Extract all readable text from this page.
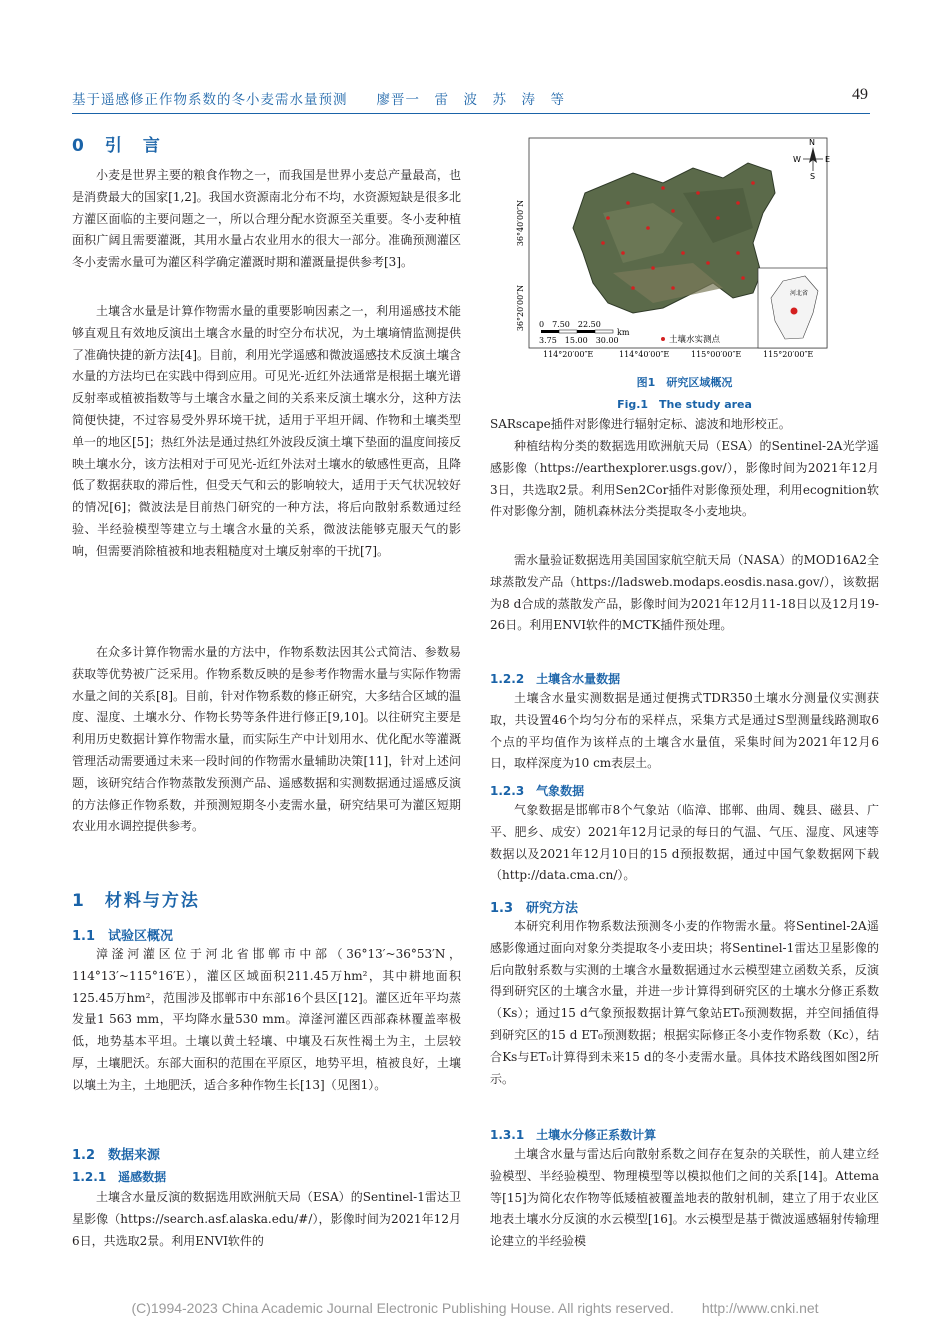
基于遥感修正作物系数的冬小麦需水量预测　　廖晋一　雷　波　苏　涛　等	49
0　引　言

小麦是世界主要的粮食作物之一，而我国是世界小麦总产量最高，也是消费最大的国家[1,2]。我国水资源南北分布不均，水资源短缺是很多北方灌区面临的主要问题之一，所以合理分配水资源至关重要。冬小麦种植面积广阔且需要灌溉，其用水量占农业用水的很大一部分。准确预测灌区冬小麦需水量可为灌区科学确定灌溉时期和灌溉量提供参考[3]。

土壤含水量是计算作物需水量的重要影响因素之一，利用遥感技术能够直观且有效地反演出土壤含水量的时空分布状况，为土壤墒情监测提供了准确快捷的新方法[4]。目前，利用光学遥感和微波遥感技术反演土壤含水量的方法均已在实践中得到应用。可见光-近红外法通常是根据土壤光谱反射率或植被指数等与土壤含水量之间的关系来反演土壤水分，这种方法简便快捷，不过容易受外界环境干扰，适用于平坦开阔、作物和土壤类型单一的地区[5]；热红外法是通过热红外波段反演土壤下垫面的温度间接反映土壤水分，该方法相对于可见光-近红外法对土壤水的敏感性更高，且降低了数据获取的滞后性，但受天气和云的影响较大，适用于天气状况较好的情况[6]；微波法是目前热门研究的一种方法，将后向散射系数通过经验、半经验模型等建立与土壤含水量的关系，微波法能够克服天气的影响，但需要消除植被和地表粗糙度对土壤反射率的干扰[7]。

在众多计算作物需水量的方法中，作物系数法因其公式简洁、参数易获取等优势被广泛采用。作物系数反映的是参考作物需水量与实际作物需水量之间的关系[8]。目前，针对作物系数的修正研究，大多结合区域的温度、湿度、土壤水分、作物长势等条件进行修正[9,10]。以往研究主要是利用历史数据计算作物需水量，而实际生产中计划用水、优化配水等灌溉管理活动需要通过未来一段时间的作物需水量辅助决策[11]，针对上述问题，该研究结合作物蒸散发预测产品、遥感数据和实测数据通过遥感反演的方法修正作物系数，并预测短期冬小麦需水量，研究结果可为灌区短期农业用水调控提供参考。

1　材料与方法
1.1　试验区概况

漳滏河灌区位于河北省邯郸市中部（36°13′~36°53′N，114°13′~115°16′E），灌区区域面积211.45万hm²，其中耕地面积125.45万hm²，范围涉及邯郸市中东部16个县区[12]。灌区近年平均蒸发量1 563 mm，平均降水量530 mm。漳滏河灌区西部森林覆盖率极低，地势基本平坦。土壤以黄土轻壤、中壤及石灰性褐土为主，土层较厚，土壤肥沃。东部大面积的范围在平原区，地势平坦，植被良好，土壤以壤土为主，土地肥沃，适合多种作物生长[13]（见图1）。

1.2　数据来源
1.2.1　遥感数据

土壤含水量反演的数据选用欧洲航天局（ESA）的Sentinel-1雷达卫星影像（https://search.asf.alaska.edu/#/），影像时间为2021年12月6日，共选取2景。利用ENVI软件的

N
W	E
S
河北省
0　7.50　22.50
3.75　15.00　30.00
km
土壤水实测点
36°40′00″N
36°20′00″N
114°20′00″E	114°40′00″E	115°00′00″E	115°20′00″E
图1　研究区域概况
Fig.1　The study area

SARscape插件对影像进行辐射定标、滤波和地形校正。

种植结构分类的数据选用欧洲航天局（ESA）的Sentinel-2A光学遥感影像（https://earthexplorer.usgs.gov/），影像时间为2021年12月3日，共选取2景。利用Sen2Cor插件对影像预处理，利用ecognition软件对影像分割，随机森林法分类提取冬小麦地块。

需水量验证数据选用美国国家航空航天局（NASA）的MOD16A2全球蒸散发产品（https://ladsweb.modaps.eosdis.nasa.gov/），该数据为8 d合成的蒸散发产品，影像时间为2021年12月11-18日以及12月19-26日。利用ENVI软件的MCTK插件预处理。

1.2.2　土壤含水量数据

土壤含水量实测数据是通过便携式TDR350土壤水分测量仪实测获取，共设置46个均匀分布的采样点，采集方式是通过S型测量线路测取6个点的平均值作为该样点的土壤含水量值，采集时间为2021年12月6日，取样深度为10 cm表层土。

1.2.3　气象数据

气象数据是邯郸市8个气象站（临漳、邯郸、曲周、魏县、磁县、广平、肥乡、成安）2021年12月记录的每日的气温、气压、湿度、风速等数据以及2021年12月10日的15 d预报数据，通过中国气象数据网下载（http://data.cma.cn/）。

1.3　研究方法

本研究利用作物系数法预测冬小麦的作物需水量。将Sentinel-2A遥感影像通过面向对象分类提取冬小麦田块；将Sentinel-1雷达卫星影像的后向散射系数与实测的土壤含水量数据通过水云模型建立函数关系，反演得到研究区的土壤含水量，并进一步计算得到研究区的土壤水分修正系数（Ks）；通过15 d气象预报数据计算气象站ET₀预测数据，并空间插值得到研究区的15 d ET₀预测数据；根据实际修正冬小麦作物系数（Kc），结合Ks与ET₀计算得到未来15 d的冬小麦需水量。具体技术路线图如图2所示。

1.3.1　土壤水分修正系数计算

土壤含水量与雷达后向散射系数之间存在复杂的关联性，前人建立经验模型、半经验模型、物理模型等以模拟他们之间的关系[14]。Attema等[15]为简化农作物等低矮植被覆盖地表的散射机制，建立了用于农业区地表土壤水分反演的水云模型[16]。水云模型是基于微波遥感辐射传输理论建立的半经验模

(C)1994-2023 China Academic Journal Electronic Publishing House. All rights reserved.　　http://www.cnki.net
